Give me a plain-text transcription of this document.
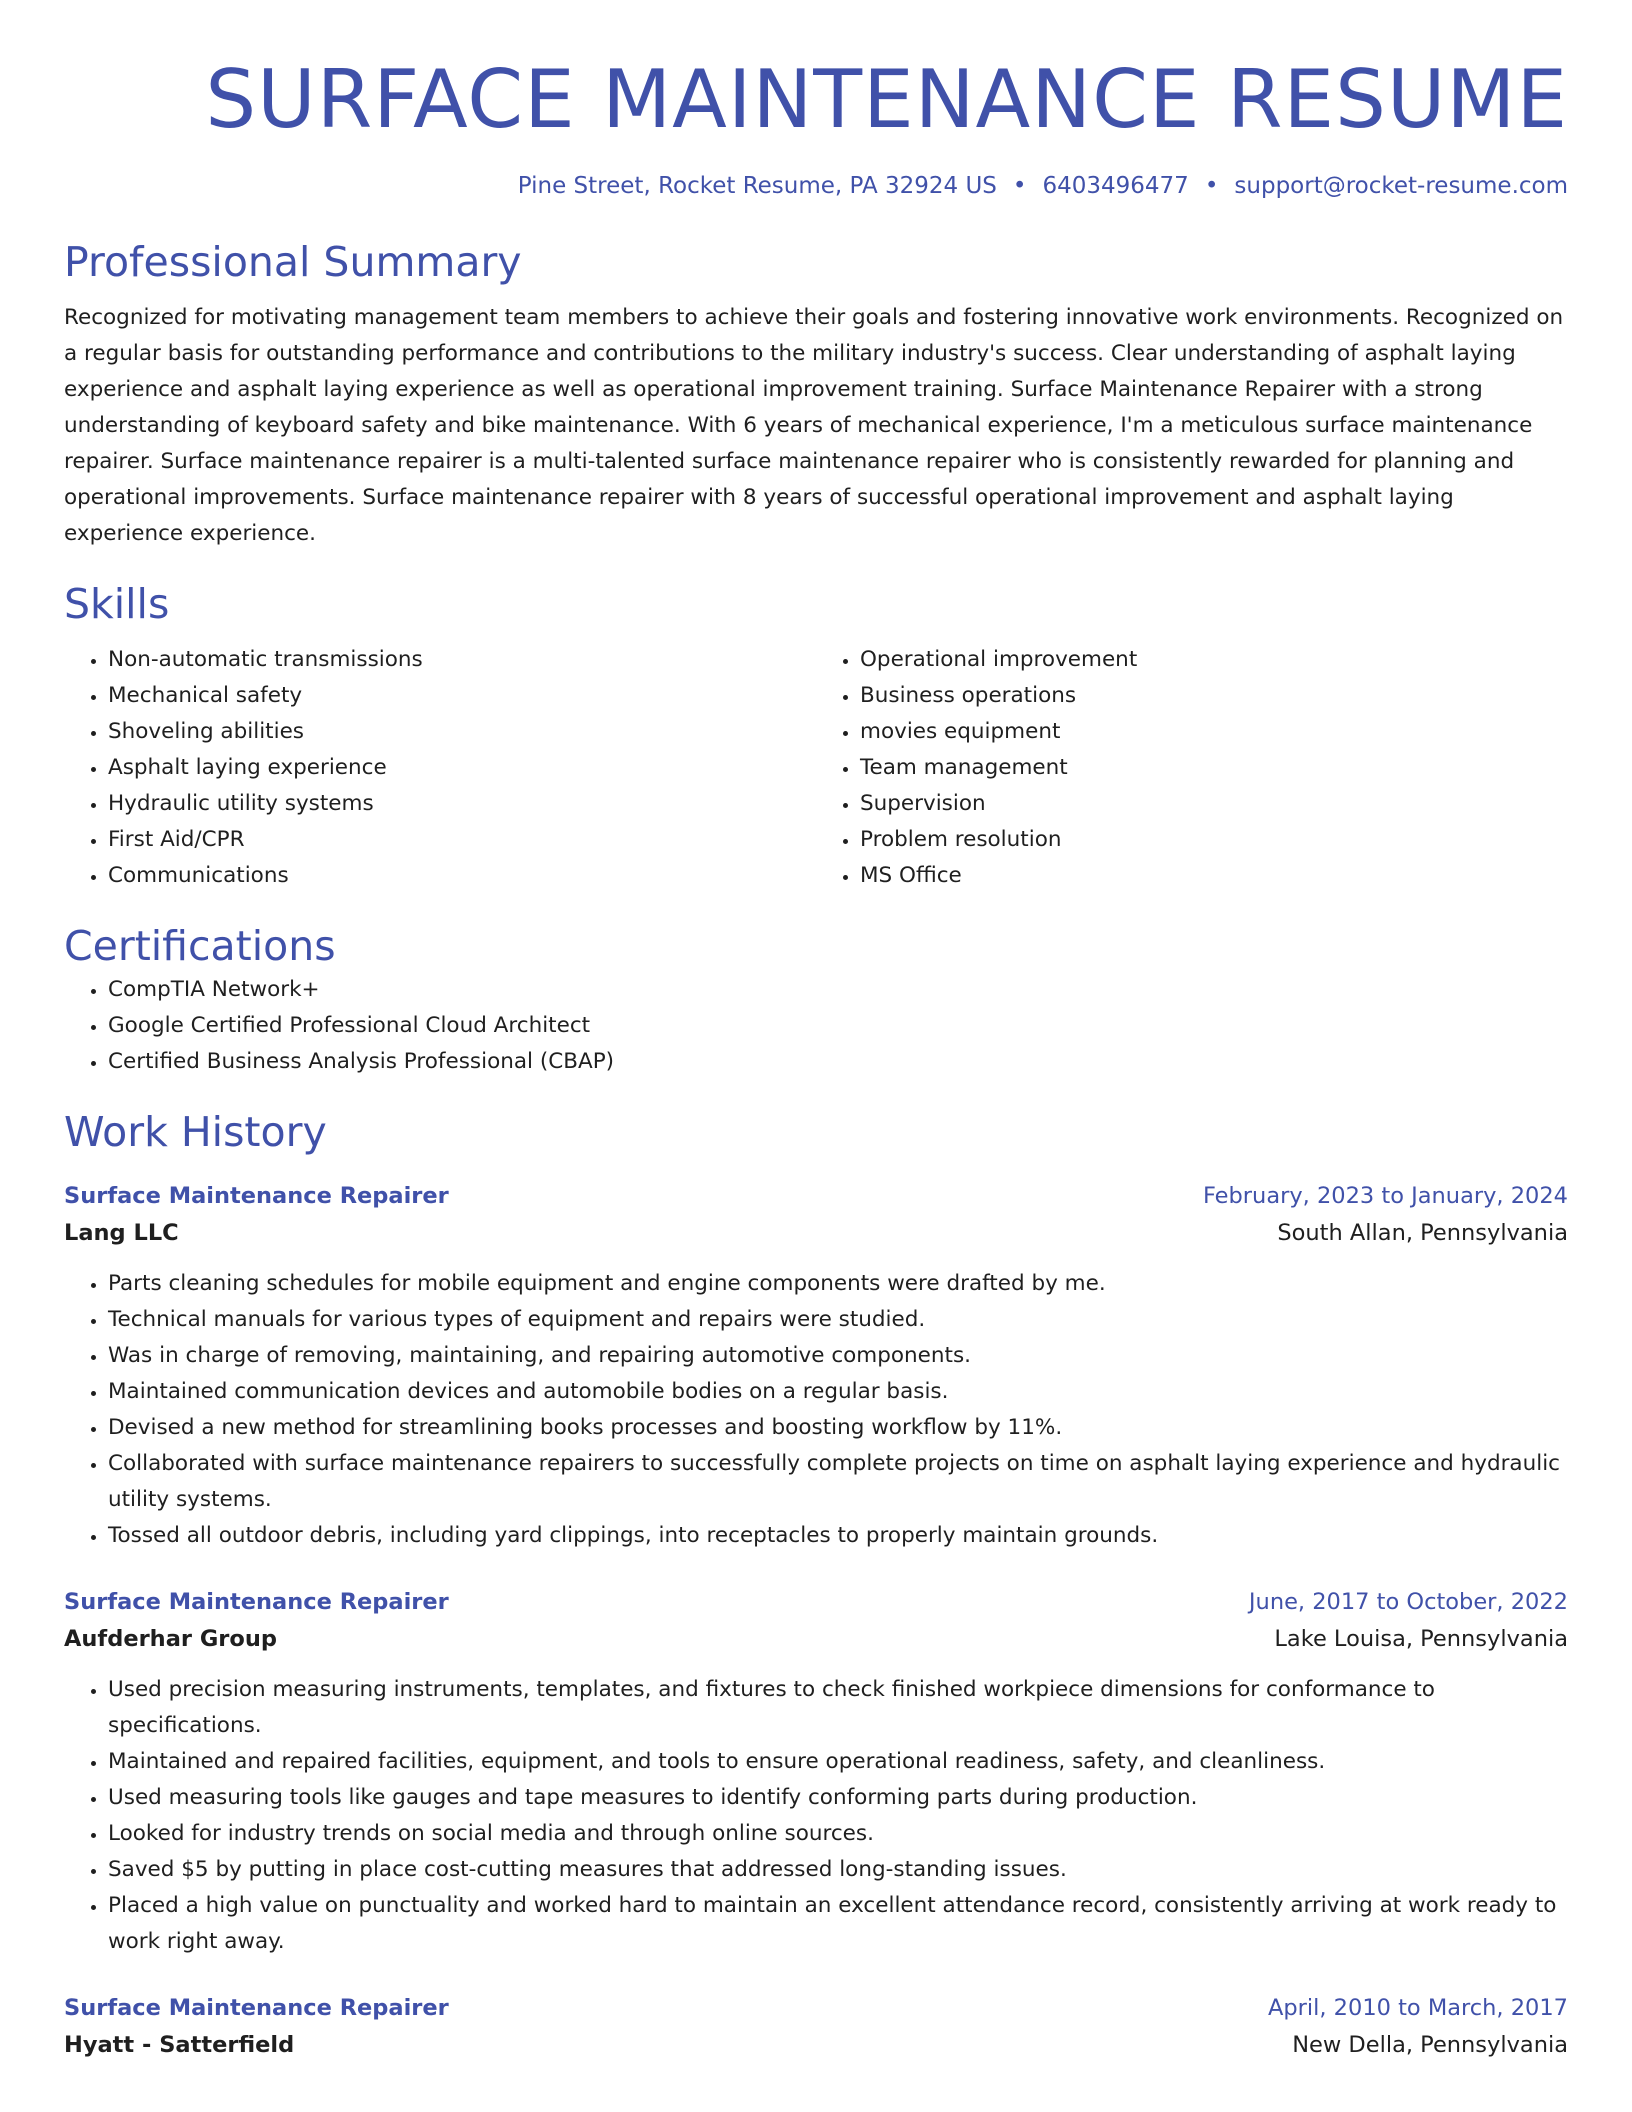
SURFACE MAINTENANCE RESUME
Pine Street, Rocket Resume, PA 32924 US • 6403496477 • support@rocket-resume.com
Professional Summary
Recognized for motivating management team members to achieve their goals and fostering innovative work environments. Recognized on a regular basis for outstanding performance and contributions to the military industry's success. Clear understanding of asphalt laying experience and asphalt laying experience as well as operational improvement training. Surface Maintenance Repairer with a strong understanding of keyboard safety and bike maintenance. With 6 years of mechanical experience, I'm a meticulous surface maintenance repairer. Surface maintenance repairer is a multi-talented surface maintenance repairer who is consistently rewarded for planning and operational improvements. Surface maintenance repairer with 8 years of successful operational improvement and asphalt laying experience experience.
Skills
• Non-automatic transmissions
• Mechanical safety
• Shoveling abilities
• Asphalt laying experience
• Hydraulic utility systems
• First Aid/CPR
• Communications
• Operational improvement
• Business operations
• movies equipment
• Team management
• Supervision
• Problem resolution
• MS Office
Certifications
• CompTIA Network+
• Google Certified Professional Cloud Architect
• Certified Business Analysis Professional (CBAP)
Work History
Surface Maintenance Repairer	February, 2023 to January, 2024
Lang LLC	South Allan, Pennsylvania
• Parts cleaning schedules for mobile equipment and engine components were drafted by me.
• Technical manuals for various types of equipment and repairs were studied.
• Was in charge of removing, maintaining, and repairing automotive components.
• Maintained communication devices and automobile bodies on a regular basis.
• Devised a new method for streamlining books processes and boosting workflow by 11%.
• Collaborated with surface maintenance repairers to successfully complete projects on time on asphalt laying experience and hydraulic utility systems.
• Tossed all outdoor debris, including yard clippings, into receptacles to properly maintain grounds.
Surface Maintenance Repairer	June, 2017 to October, 2022
Aufderhar Group	Lake Louisa, Pennsylvania
• Used precision measuring instruments, templates, and fixtures to check finished workpiece dimensions for conformance to specifications.
• Maintained and repaired facilities, equipment, and tools to ensure operational readiness, safety, and cleanliness.
• Used measuring tools like gauges and tape measures to identify conforming parts during production.
• Looked for industry trends on social media and through online sources.
• Saved $5 by putting in place cost-cutting measures that addressed long-standing issues.
• Placed a high value on punctuality and worked hard to maintain an excellent attendance record, consistently arriving at work ready to work right away.
Surface Maintenance Repairer	April, 2010 to March, 2017
Hyatt - Satterfield	New Della, Pennsylvania
